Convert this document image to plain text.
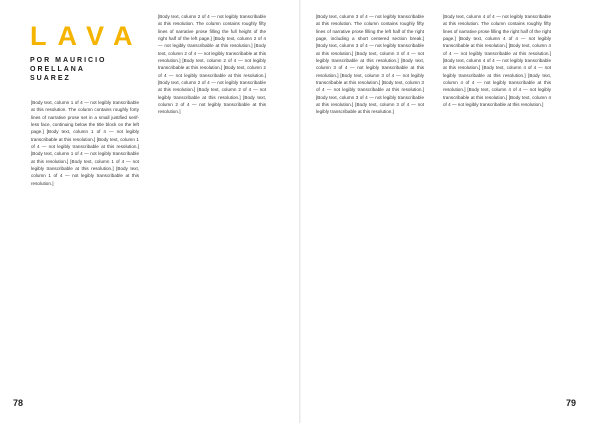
LAVA

POR MAURICIO ORELLANA SUAREZ

[Body text, column 1 of 4 — not legibly transcribable at this resolution. The column contains roughly forty lines of narrative prose set in a small justified serif-less face, continuing below the title block on the left page.] [Body text, column 1 of 4 — not legibly transcribable at this resolution.] [Body text, column 1 of 4 — not legibly transcribable at this resolution.] [Body text, column 1 of 4 — not legibly transcribable at this resolution.] [Body text, column 1 of 4 — not legibly transcribable at this resolution.] [Body text, column 1 of 4 — not legibly transcribable at this resolution.]

[Body text, column 2 of 4 — not legibly transcribable at this resolution. The column contains roughly fifty lines of narrative prose filling the full height of the right half of the left page.] [Body text, column 2 of 4 — not legibly transcribable at this resolution.] [Body text, column 2 of 4 — not legibly transcribable at this resolution.] [Body text, column 2 of 4 — not legibly transcribable at this resolution.] [Body text, column 2 of 4 — not legibly transcribable at this resolution.] [Body text, column 2 of 4 — not legibly transcribable at this resolution.] [Body text, column 2 of 4 — not legibly transcribable at this resolution.] [Body text, column 2 of 4 — not legibly transcribable at this resolution.]

[Body text, column 3 of 4 — not legibly transcribable at this resolution. The column contains roughly fifty lines of narrative prose filling the left half of the right page, including a short centered section break.] [Body text, column 3 of 4 — not legibly transcribable at this resolution.] [Body text, column 3 of 4 — not legibly transcribable at this resolution.] [Body text, column 3 of 4 — not legibly transcribable at this resolution.] [Body text, column 3 of 4 — not legibly transcribable at this resolution.] [Body text, column 3 of 4 — not legibly transcribable at this resolution.] [Body text, column 3 of 4 — not legibly transcribable at this resolution.] [Body text, column 3 of 4 — not legibly transcribable at this resolution.]

[Body text, column 4 of 4 — not legibly transcribable at this resolution. The column contains roughly fifty lines of narrative prose filling the right half of the right page.] [Body text, column 4 of 4 — not legibly transcribable at this resolution.] [Body text, column 4 of 4 — not legibly transcribable at this resolution.] [Body text, column 4 of 4 — not legibly transcribable at this resolution.] [Body text, column 4 of 4 — not legibly transcribable at this resolution.] [Body text, column 4 of 4 — not legibly transcribable at this resolution.] [Body text, column 4 of 4 — not legibly transcribable at this resolution.] [Body text, column 4 of 4 — not legibly transcribable at this resolution.]

78	79
